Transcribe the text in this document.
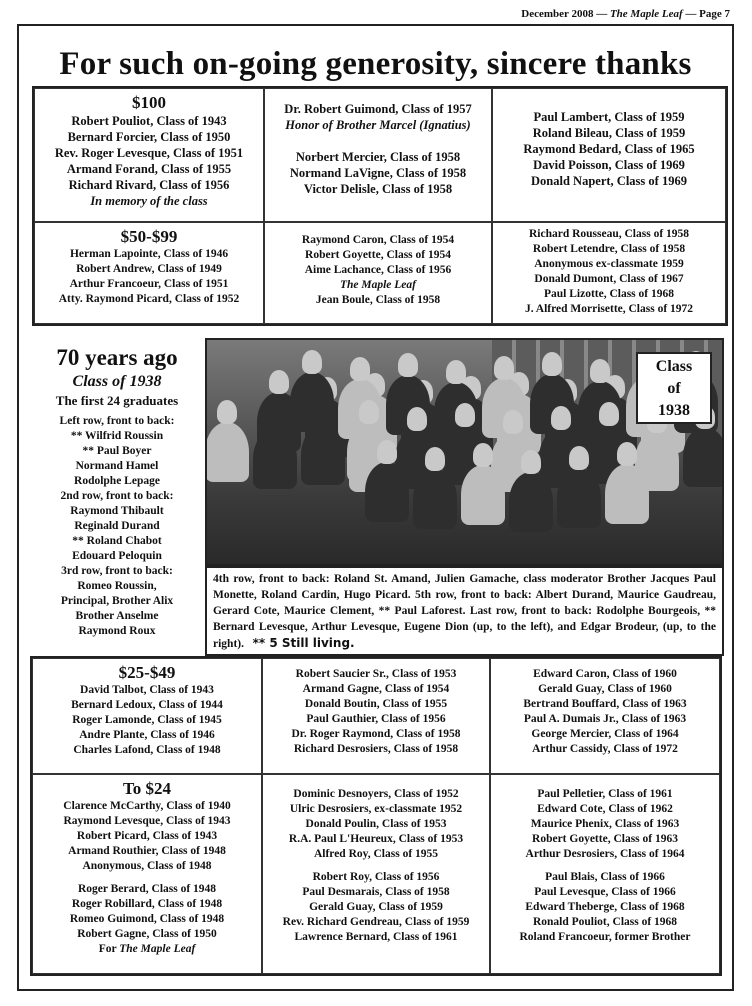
December 2008 — The Maple Leaf — Page 7
For such on-going generosity, sincere thanks
$100
Robert Pouliot, Class of 1943
Bernard Forcier, Class of 1950
Rev. Roger Levesque, Class of 1951
Armand Forand, Class of 1955
Richard Rivard, Class of 1956
In memory of the class
Dr. Robert Guimond, Class of 1957
Honor of Brother Marcel (Ignatius)
Norbert Mercier, Class of 1958
Normand LaVigne, Class of 1958
Victor Delisle, Class of 1958
Paul Lambert, Class of 1959
Roland Bileau, Class of 1959
Raymond Bedard, Class of 1965
David Poisson, Class of 1969
Donald Napert, Class of 1969
$50-$99
Herman Lapointe, Class of 1946
Robert Andrew, Class of 1949
Arthur Francoeur, Class of 1951
Atty. Raymond Picard, Class of 1952
Raymond Caron, Class of 1954
Robert Goyette, Class of 1954
Aime Lachance, Class of 1956
The Maple Leaf
Jean Boule, Class of 1958
Richard Rousseau, Class of 1958
Robert Letendre, Class of 1958
Anonymous ex-classmate 1959
Donald Dumont, Class of 1967
Paul Lizotte, Class of 1968
J. Alfred Morrisette, Class of 1972
70 years ago
Class of 1938
The first 24 graduates
Left row, front to back:
** Wilfrid Roussin
** Paul Boyer
Normand Hamel
Rodolphe Lepage
2nd row, front to back:
Raymond Thibault
Reginald Durand
** Roland Chabot
Edouard Peloquin
3rd row, front to back:
Romeo Roussin,
Principal, Brother Alix
Brother Anselme
Raymond Roux
Class
of
1938
4th row, front to back: Roland St. Amand, Julien Gamache, class moderator Brother Jacques Paul Monette, Roland Cardin, Hugo Picard. 5th row, front to back: Albert Durand, Maurice Gaudreau, Gerard Cote, Maurice Clement, ** Paul Laforest. Last row, front to back: Rodolphe Bourgeois, ** Bernard Levesque, Arthur Levesque, Eugene Dion (up, to the left), and Edgar Brodeur, (up, to the right). ** 5 Still living.
$25-$49
David Talbot, Class of 1943
Bernard Ledoux, Class of 1944
Roger Lamonde, Class of 1945
Andre Plante, Class of 1946
Charles Lafond, Class of 1948
Robert Saucier Sr., Class of 1953
Armand Gagne, Class of 1954
Donald Boutin, Class of 1955
Paul Gauthier, Class of 1956
Dr. Roger Raymond, Class of 1958
Richard Desrosiers, Class of 1958
Edward Caron, Class of 1960
Gerald Guay, Class of 1960
Bertrand Bouffard, Class of 1963
Paul A. Dumais Jr., Class of 1963
George Mercier, Class of 1964
Arthur Cassidy, Class of 1972
To $24
Clarence McCarthy, Class of 1940
Raymond Levesque, Class of 1943
Robert Picard, Class of 1943
Armand Routhier, Class of 1948
Anonymous, Class of 1948
Roger Berard, Class of 1948
Roger Robillard, Class of 1948
Romeo Guimond, Class of 1948
Robert Gagne, Class of 1950
For The Maple Leaf
Dominic Desnoyers, Class of 1952
Ulric Desrosiers, ex-classmate 1952
Donald Poulin, Class of 1953
R.A. Paul L'Heureux, Class of 1953
Alfred Roy, Class of 1955
Robert Roy, Class of 1956
Paul Desmarais, Class of 1958
Gerald Guay, Class of 1959
Rev. Richard Gendreau, Class of 1959
Lawrence Bernard, Class of 1961
Paul Pelletier, Class of 1961
Edward Cote, Class of 1962
Maurice Phenix, Class of 1963
Robert Goyette, Class of 1963
Arthur Desrosiers, Class of 1964
Paul Blais, Class of 1966
Paul Levesque, Class of 1966
Edward Theberge, Class of 1968
Ronald Pouliot, Class of 1968
Roland Francoeur, former Brother
